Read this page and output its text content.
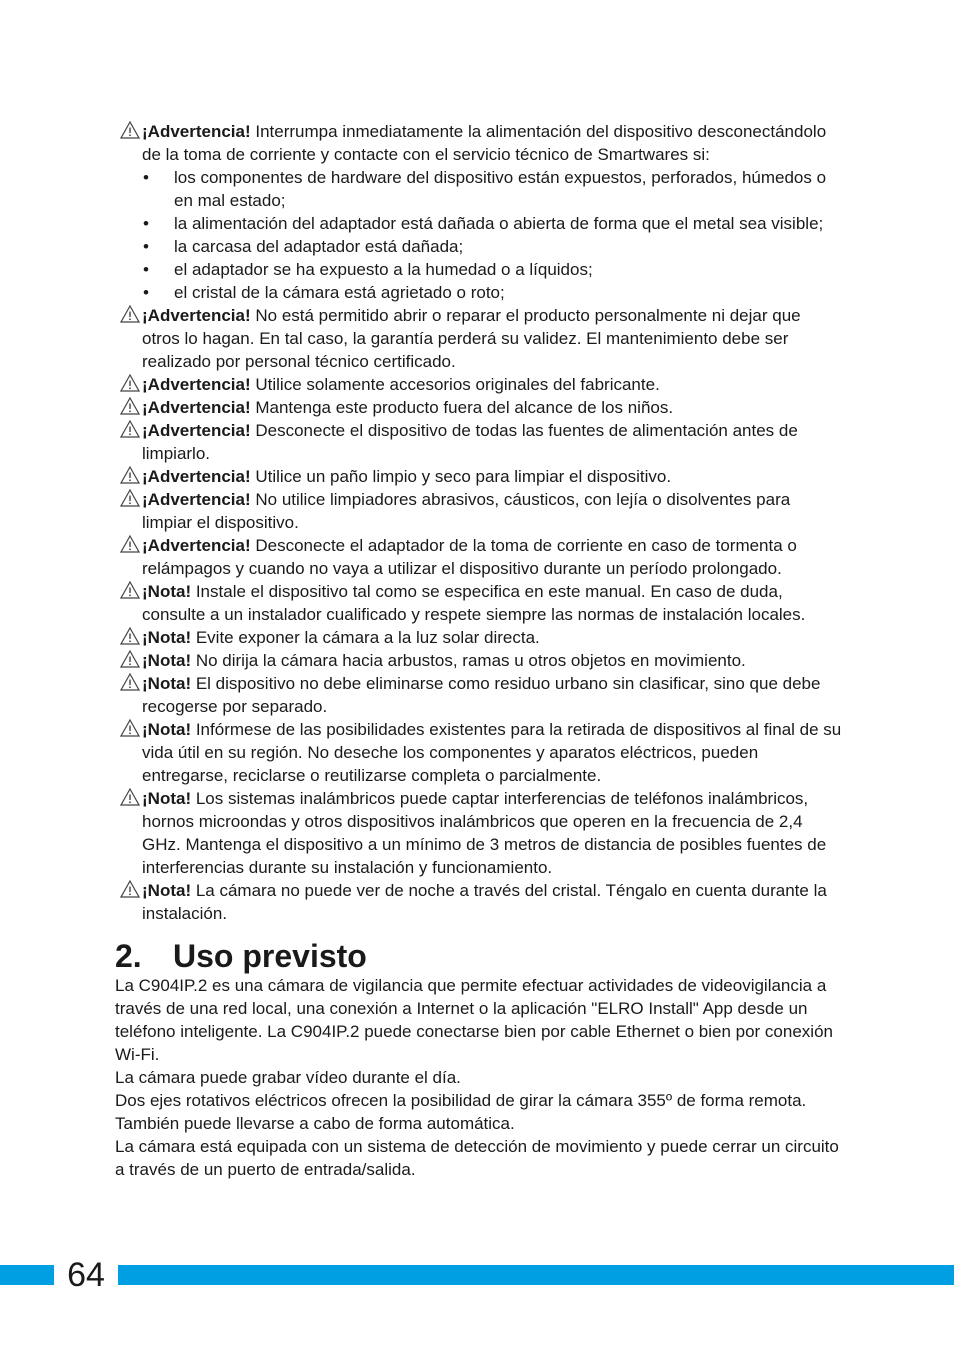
¡Advertencia! Interrumpa inmediatamente la alimentación del dispositivo desconectándolo de la toma de corriente y contacte con el servicio técnico de Smartwares si:
• los componentes de hardware del dispositivo están expuestos, perforados, húmedos o en mal estado;
• la alimentación del adaptador está dañada o abierta de forma que el metal sea visible;
• la carcasa del adaptador está dañada;
• el adaptador se ha expuesto a la humedad o a líquidos;
• el cristal de la cámara está agrietado o roto;
¡Advertencia! No está permitido abrir o reparar el producto personalmente ni dejar que otros lo hagan. En tal caso, la garantía perderá su validez. El mantenimiento debe ser realizado por personal técnico certificado.
¡Advertencia! Utilice solamente accesorios originales del fabricante.
¡Advertencia! Mantenga este producto fuera del alcance de los niños.
¡Advertencia! Desconecte el dispositivo de todas las fuentes de alimentación antes de limpiarlo.
¡Advertencia! Utilice un paño limpio y seco para limpiar el dispositivo.
¡Advertencia! No utilice limpiadores abrasivos, cáusticos, con lejía o disolventes para limpiar el dispositivo.
¡Advertencia! Desconecte el adaptador de la toma de corriente en caso de tormenta o relámpagos y cuando no vaya a utilizar el dispositivo durante un período prolongado.
¡Nota! Instale el dispositivo tal como se especifica en este manual. En caso de duda, consulte a un instalador cualificado y respete siempre las normas de instalación locales.
¡Nota! Evite exponer la cámara a la luz solar directa.
¡Nota! No dirija la cámara hacia arbustos, ramas u otros objetos en movimiento.
¡Nota! El dispositivo no debe eliminarse como residuo urbano sin clasificar, sino que debe recogerse por separado.
¡Nota! Infórmese de las posibilidades existentes para la retirada de dispositivos al final de su vida útil en su región. No deseche los componentes y aparatos eléctricos, pueden entregarse, reciclarse o reutilizarse completa o parcialmente.
¡Nota! Los sistemas inalámbricos puede captar interferencias de teléfonos inalámbricos, hornos microondas y otros dispositivos inalámbricos que operen en la frecuencia de 2,4 GHz. Mantenga el dispositivo a un mínimo de 3 metros de distancia de posibles fuentes de interferencias durante su instalación y funcionamiento.
¡Nota! La cámara no puede ver de noche a través del cristal. Téngalo en cuenta durante la instalación.
2. Uso previsto

La C904IP.2 es una cámara de vigilancia que permite efectuar actividades de videovigilancia a través de una red local, una conexión a Internet o la aplicación "ELRO Install" App desde un teléfono inteligente. La C904IP.2 puede conectarse bien por cable Ethernet o bien por conexión Wi-Fi.

La cámara puede grabar vídeo durante el día.

Dos ejes rotativos eléctricos ofrecen la posibilidad de girar la cámara 355º de forma remota. También puede llevarse a cabo de forma automática.

La cámara está equipada con un sistema de detección de movimiento y puede cerrar un circuito a través de un puerto de entrada/salida.

64
